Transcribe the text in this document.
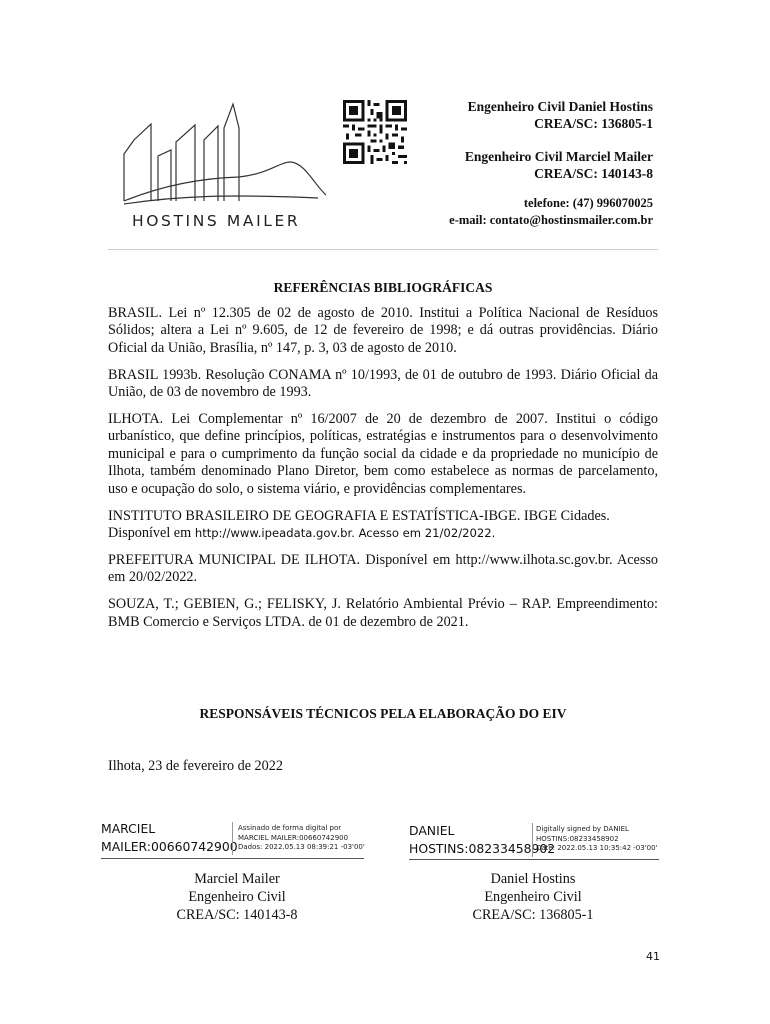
HOSTINS MAILER
Engenheiro Civil Daniel Hostins
CREA/SC: 136805-1
Engenheiro Civil Marciel Mailer
CREA/SC: 140143-8
telefone: (47) 996070025
e-mail: contato@hostinsmailer.com.br
REFERÊNCIAS BIBLIOGRÁFICAS

BRASIL. Lei nº 12.305 de 02 de agosto de 2010. Institui a Política Nacional de Resíduos Sólidos; altera a Lei nº 9.605, de 12 de fevereiro de 1998; e dá outras providências. Diário Oficial da União, Brasília, nº 147, p. 3, 03 de agosto de 2010.

BRASIL 1993b. Resolução CONAMA nº 10/1993, de 01 de outubro de 1993. Diário Oficial da União, de 03 de novembro de 1993.

ILHOTA. Lei Complementar nº 16/2007 de 20 de dezembro de 2007. Institui o código urbanístico, que define princípios, políticas, estratégias e instrumentos para o desenvolvimento municipal e para o cumprimento da função social da cidade e da propriedade no município de Ilhota, também denominado Plano Diretor, bem como estabelece as normas de parcelamento, uso e ocupação do solo, o sistema viário, e providências complementares.

INSTITUTO BRASILEIRO DE GEOGRAFIA E ESTATÍSTICA-IBGE. IBGE Cidades.
Disponível em http://www.ipeadata.gov.br. Acesso em 21/02/2022.

PREFEITURA MUNICIPAL DE ILHOTA. Disponível em http://www.ilhota.sc.gov.br. Acesso em 20/02/2022.

SOUZA, T.; GEBIEN, G.; FELISKY, J. Relatório Ambiental Prévio – RAP. Empreendimento: BMB Comercio e Serviços LTDA. de 01 de dezembro de 2021.

RESPONSÁVEIS TÉCNICOS PELA ELABORAÇÃO DO EIV
Ilhota, 23 de fevereiro de 2022
MARCIEL
MAILER:00660742900
Assinado de forma digital por
MARCIEL MAILER:00660742900
Dados: 2022.05.13 08:39:21 -03'00'
DANIEL
HOSTINS:08233458902
Digitally signed by DANIEL
HOSTINS:08233458902
Date: 2022.05.13 10:35:42 -03'00'
Marciel Mailer
Engenheiro Civil
CREA/SC: 140143-8
Daniel Hostins
Engenheiro Civil
CREA/SC: 136805-1
41
